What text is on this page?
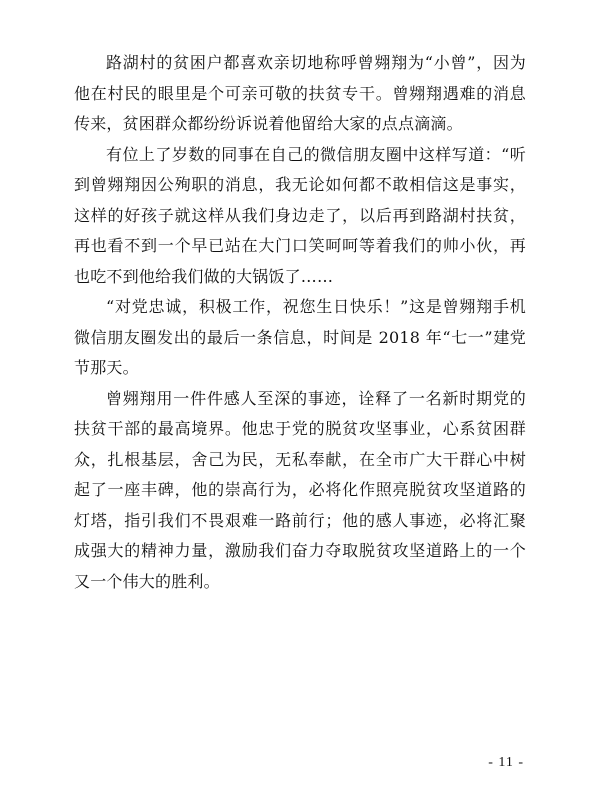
路湖村的贫困户都喜欢亲切地称呼曾翙翔为“小曾”，因为他在村民的眼里是个可亲可敬的扶贫专干。曾翙翔遇难的消息传来，贫困群众都纷纷诉说着他留给大家的点点滴滴。

有位上了岁数的同事在自己的微信朋友圈中这样写道：“听到曾翙翔因公殉职的消息，我无论如何都不敢相信这是事实，这样的好孩子就这样从我们身边走了，以后再到路湖村扶贫，再也看不到一个早已站在大门口笑呵呵等着我们的帅小伙，再也吃不到他给我们做的大锅饭了……

“对党忠诚，积极工作，祝您生日快乐！”这是曾翙翔手机微信朋友圈发出的最后一条信息，时间是 2018 年“七一”建党节那天。

曾翙翔用一件件感人至深的事迹，诠释了一名新时期党的扶贫干部的最高境界。他忠于党的脱贫攻坚事业，心系贫困群众，扎根基层，舍己为民，无私奉献，在全市广大干群心中树起了一座丰碑，他的崇高行为，必将化作照亮脱贫攻坚道路的灯塔，指引我们不畏艰难一路前行；他的感人事迹，必将汇聚成强大的精神力量，激励我们奋力夺取脱贫攻坚道路上的一个又一个伟大的胜利。

- 11 -
